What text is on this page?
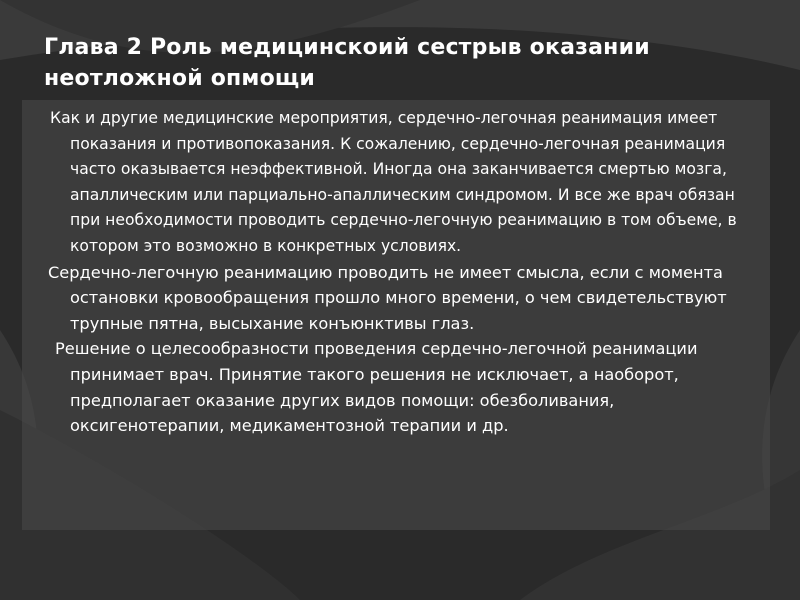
Глава 2 Роль медицинскоий сестрыв оказании неотложной опмощи

Как и другие медицинские мероприятия, сердечно-легочная реанимация имеет показания и противопоказания. К сожалению, сердечно-легочная реанимация часто оказывается неэффективной. Иногда она заканчивается смертью мозга, апаллическим или парциально-апаллическим синдромом. И все же врач обязан при необходимости проводить сердечно-легочную реанимацию в том объеме, в котором это возможно в конкретных условиях.

Сердечно-легочную реанимацию проводить не имеет смысла, если с момента остановки кровообращения прошло много времени, о чем свидетельствуют трупные пятна, высыхание конъюнктивы глаз.

Решение о целесообразности проведения сердечно-легочной реанимации принимает врач. Принятие такого решения не исключает, а наоборот, предполагает оказание других видов помощи: обезболивания, оксигенотерапии, медикаментозной терапии и др.
